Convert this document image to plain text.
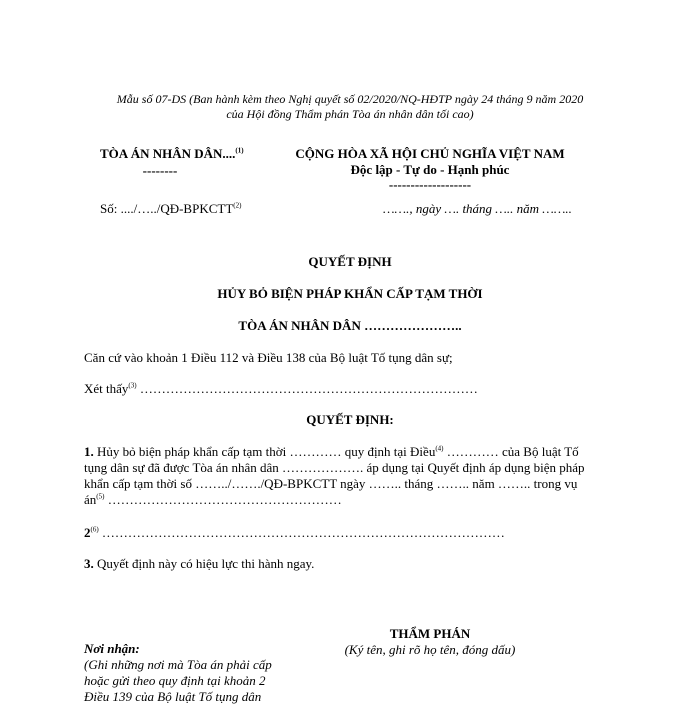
Mẫu số 07-DS (Ban hành kèm theo Nghị quyết số 02/2020/NQ-HĐTP ngày 24 tháng 9 năm 2020
của Hội đồng Thẩm phán Tòa án nhân dân tối cao)
TÒA ÁN NHÂN DÂN....$^{(1)}$
--------
Số: ..../…../QĐ-BPKCTT$^{(2)}$
CỘNG HÒA XÃ HỘI CHỦ NGHĨA VIỆT NAM
Độc lập - Tự do - Hạnh phúc
-------------------
……., ngày …. tháng ….. năm ……..
QUYẾT ĐỊNH
HỦY BỎ BIỆN PHÁP KHẨN CẤP TẠM THỜI
TÒA ÁN NHÂN DÂN …………………..
Căn cứ vào khoản 1 Điều 112 và Điều 138 của Bộ luật Tố tụng dân sự;
Xét thấy$^{(3)}$ ……………………………………………………………………
QUYẾT ĐỊNH:
1. Hủy bỏ biện pháp khẩn cấp tạm thời ………… quy định tại Điều$^{(4)}$ ………… của Bộ luật Tố
tụng dân sự đã được Tòa án nhân dân ………………. áp dụng tại Quyết định áp dụng biện pháp
khẩn cấp tạm thời số ……../……./QĐ-BPKCTT ngày …….. tháng …….. năm …….. trong vụ
$án^{(5)}$ ………………………………………………
2$^{(6)}$ …………………………………………………………………………………
3. Quyết định này có hiệu lực thi hành ngay.
Nơi nhận:
(Ghi những nơi mà Tòa án phải cấp
hoặc gửi theo quy định tại khoản 2
Điều 139 của Bộ luật Tố tụng dân
THẨM PHÁN
(Ký tên, ghi rõ họ tên, đóng dấu)
